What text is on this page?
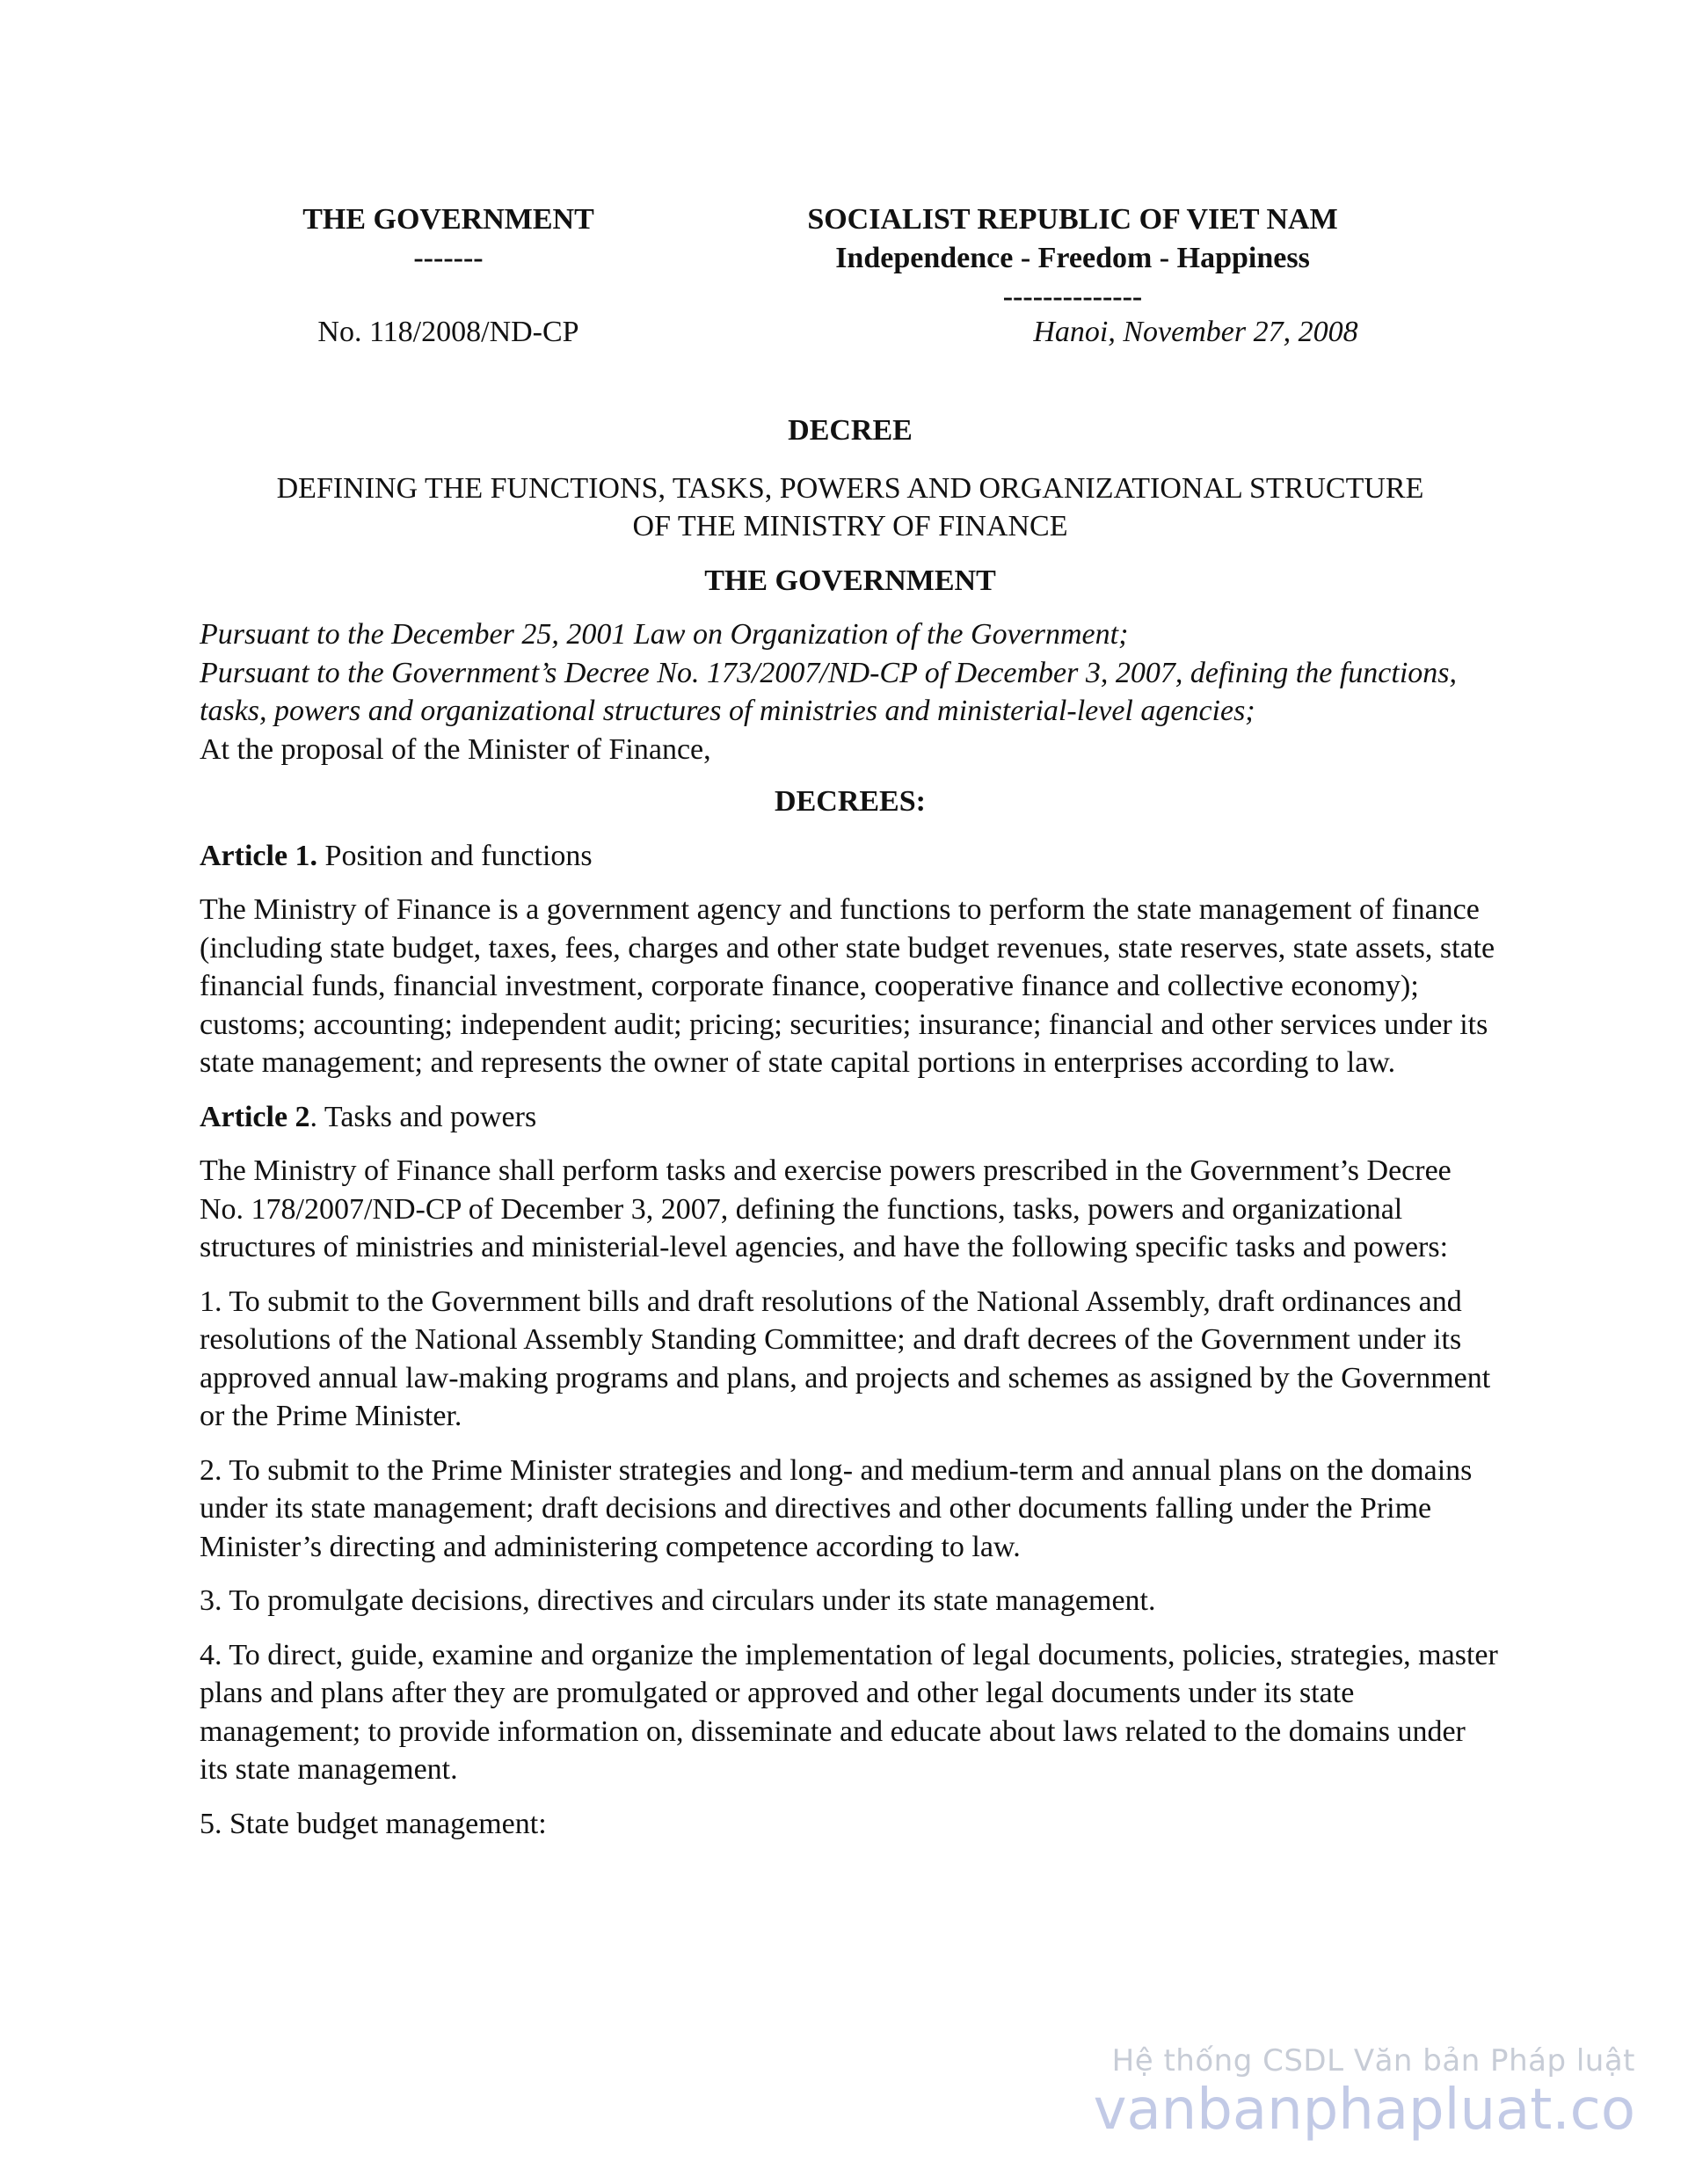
THE GOVERNMENT
-------
SOCIALIST REPUBLIC OF VIET NAM
Independence - Freedom - Happiness
--------------
No. 118/2008/ND-CP	Hanoi, November 27, 2008
DECREE
DEFINING THE FUNCTIONS, TASKS, POWERS AND ORGANIZATIONAL STRUCTURE
OF THE MINISTRY OF FINANCE
THE GOVERNMENT

Pursuant to the December 25, 2001 Law on Organization of the Government;

Pursuant to the Government’s Decree No. 173/2007/ND-CP of December 3, 2007, defining the functions, tasks, powers and organizational structures of ministries and ministerial-level agencies;

At the proposal of the Minister of Finance,

DECREES:
Article 1. Position and functions
The Ministry of Finance is a government agency and functions to perform the state management of finance (including state budget, taxes, fees, charges and other state budget revenues, state reserves, state assets, state financial funds, financial investment, corporate finance, cooperative finance and collective economy); customs; accounting; independent audit; pricing; securities; insurance; financial and other services under its state management; and represents the owner of state capital portions in enterprises according to law.
Article 2. Tasks and powers
The Ministry of Finance shall perform tasks and exercise powers prescribed in the Government’s Decree No. 178/2007/ND-CP of December 3, 2007, defining the functions, tasks, powers and organizational structures of ministries and ministerial-level agencies, and have the following specific tasks and powers:
1. To submit to the Government bills and draft resolutions of the National Assembly, draft ordinances and resolutions of the National Assembly Standing Committee; and draft decrees of the Government under its approved annual law-making programs and plans, and projects and schemes as assigned by the Government or the Prime Minister.
2. To submit to the Prime Minister strategies and long- and medium-term and annual plans on the domains under its state management; draft decisions and directives and other documents falling under the Prime Minister’s directing and administering competence according to law.
3. To promulgate decisions, directives and circulars under its state management.
4. To direct, guide, examine and organize the implementation of legal documents, policies, strategies, master plans and plans after they are promulgated or approved and other legal documents under its state management; to provide information on, disseminate and educate about laws related to the domains under its state management.
5. State budget management:
Hệ thống CSDL Văn bản Pháp luật
vanbanphapluat.co
